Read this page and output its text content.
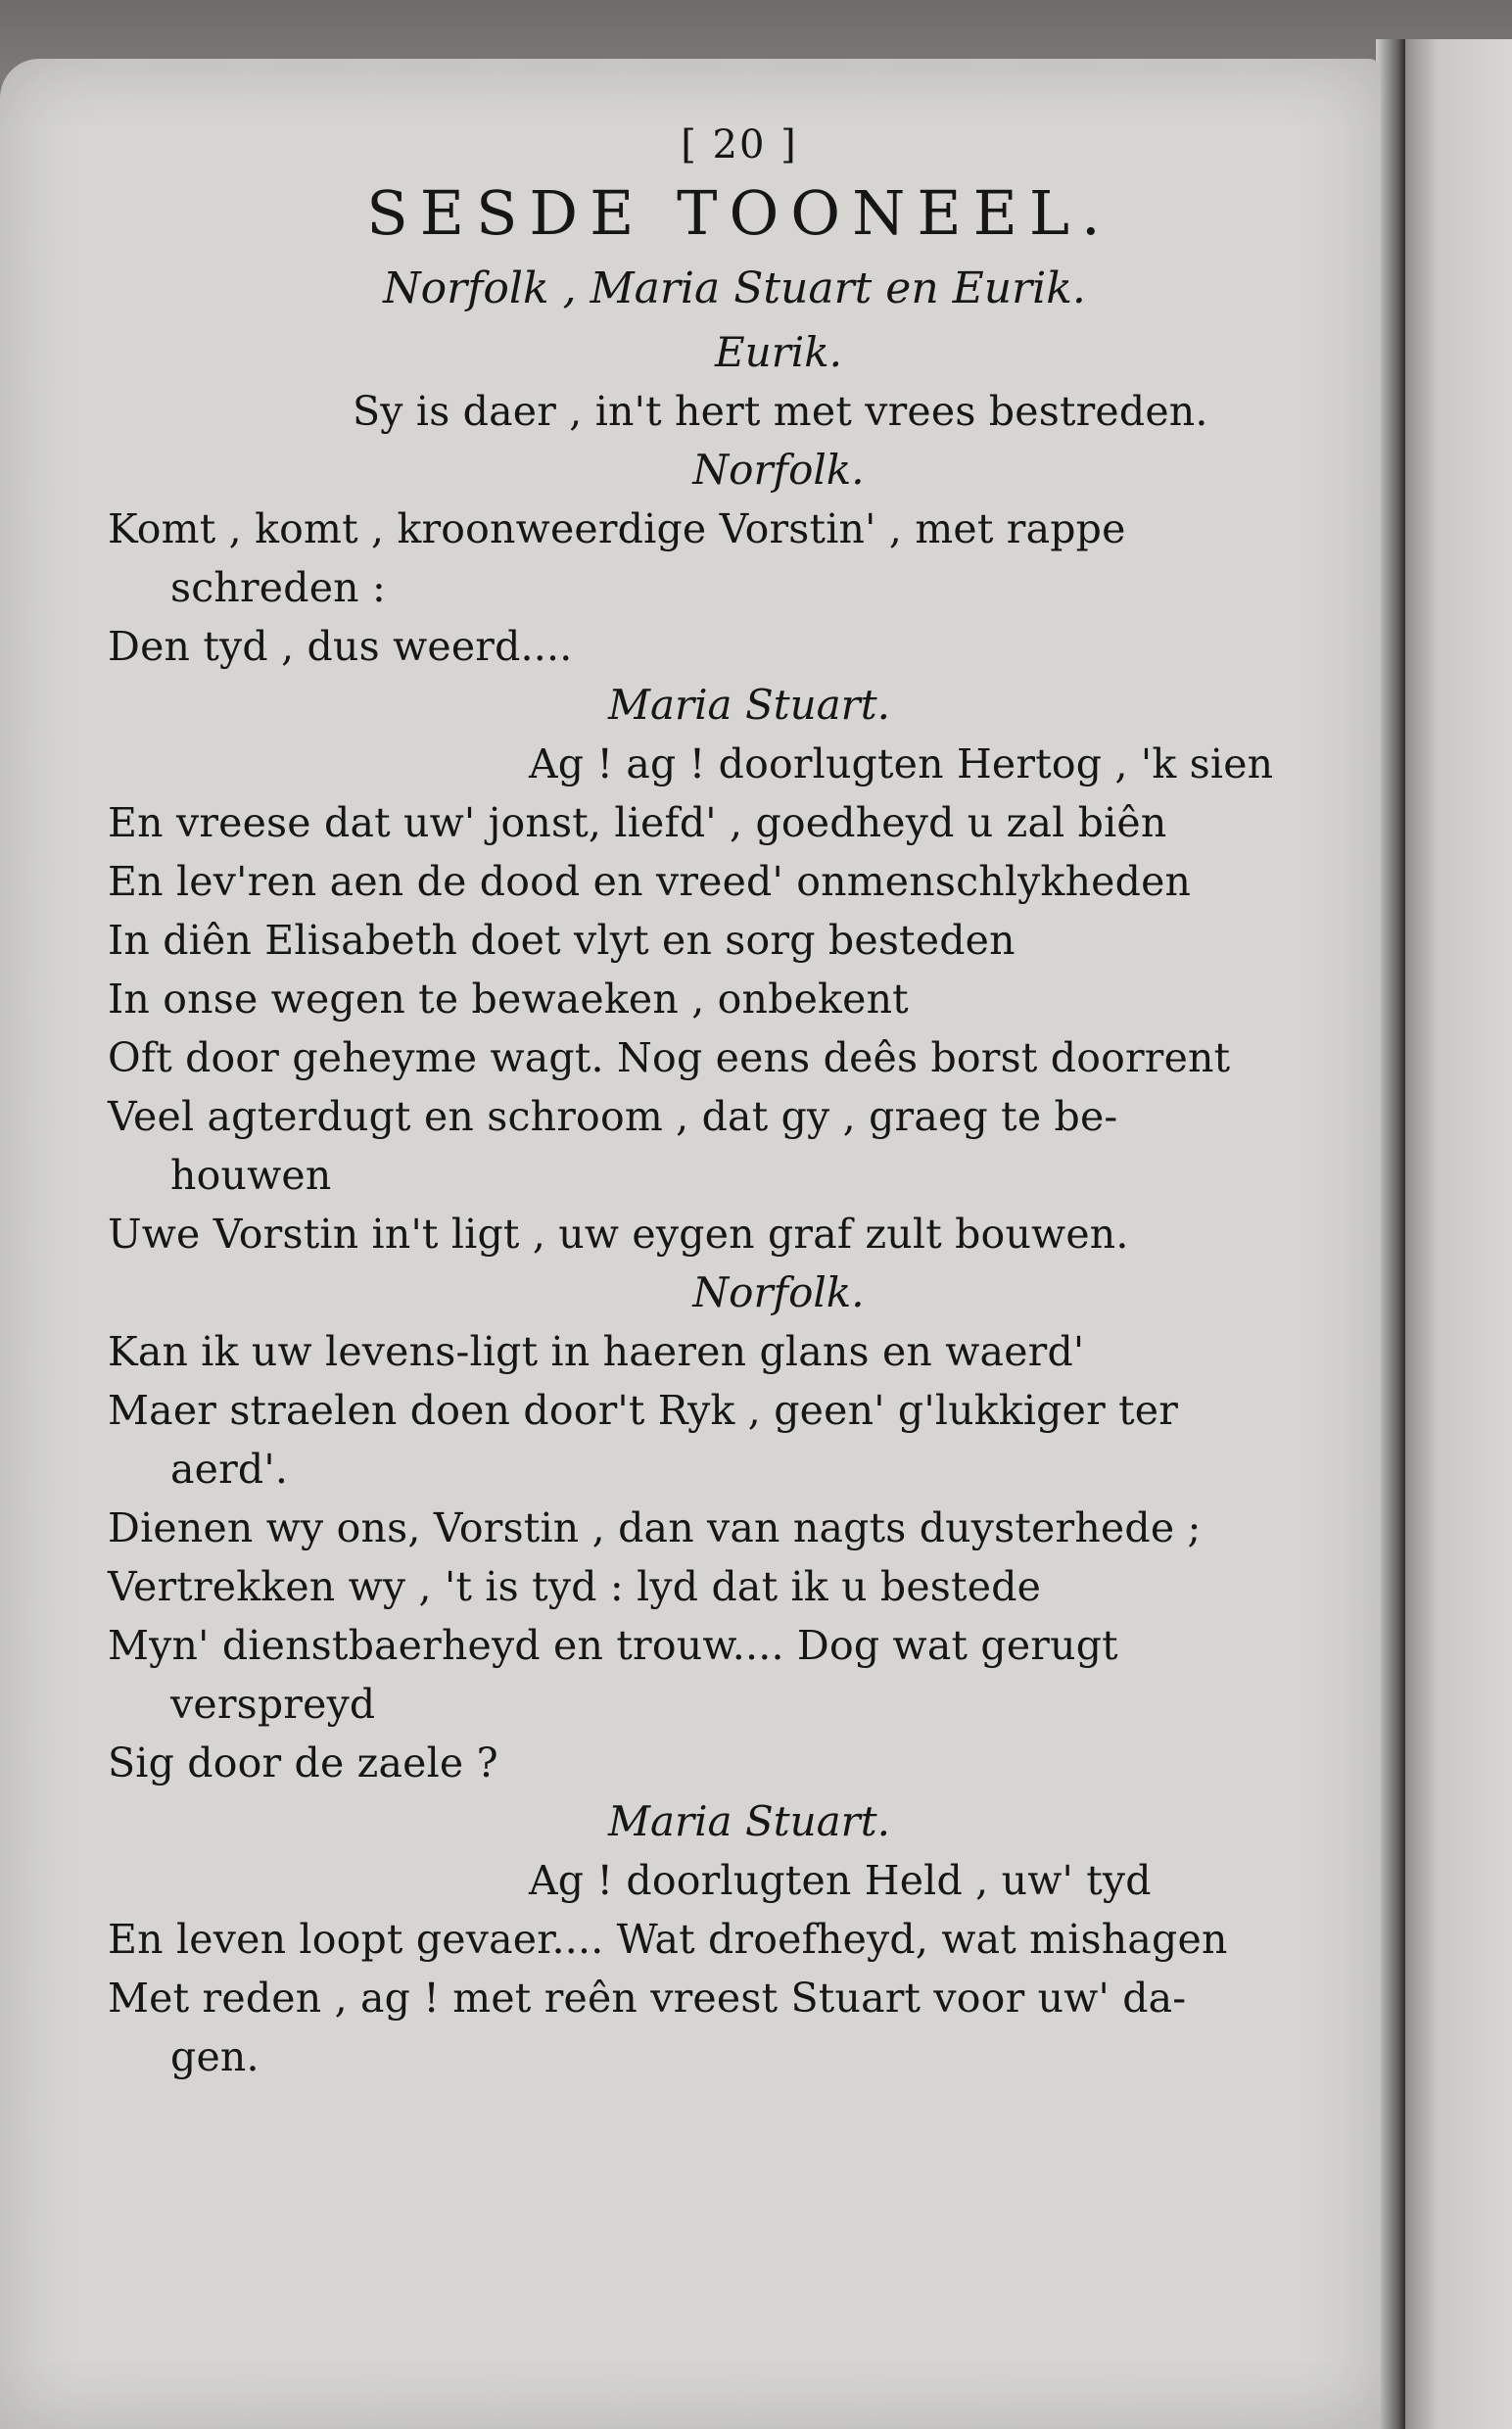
[ 20 ]
SESDE TOONEEL.
Norfolk , Maria Stuart en Eurik.
Eurik.
Sy is daer , in't hert met vrees bestreden.
Norfolk.
Komt , komt , kroonweerdige Vorstin' , met rappe
schreden :
Den tyd , dus weerd....
Maria Stuart.
Ag ! ag ! doorlugten Hertog , 'k sien
En vreese dat uw' jonst, liefd' , goedheyd u zal biên
En lev'ren aen de dood en vreed' onmenschlykheden
In diên Elisabeth doet vlyt en sorg besteden
In onse wegen te bewaeken , onbekent
Oft door geheyme wagt. Nog eens deês borst doorrent
Veel agterdugt en schroom , dat gy , graeg te be-
houwen
Uwe Vorstin in't ligt , uw eygen graf zult bouwen.
Norfolk.
Kan ik uw levens-ligt in haeren glans en waerd'
Maer straelen doen door't Ryk , geen' g'lukkiger ter
aerd'.
Dienen wy ons, Vorstin , dan van nagts duysterhede ;
Vertrekken wy , 't is tyd : lyd dat ik u bestede
Myn' dienstbaerheyd en trouw.... Dog wat gerugt
verspreyd
Sig door de zaele ?
Maria Stuart.
Ag ! doorlugten Held , uw' tyd
En leven loopt gevaer.... Wat droefheyd, wat mishagen
Met reden , ag ! met reên vreest Stuart voor uw' da-
gen.
